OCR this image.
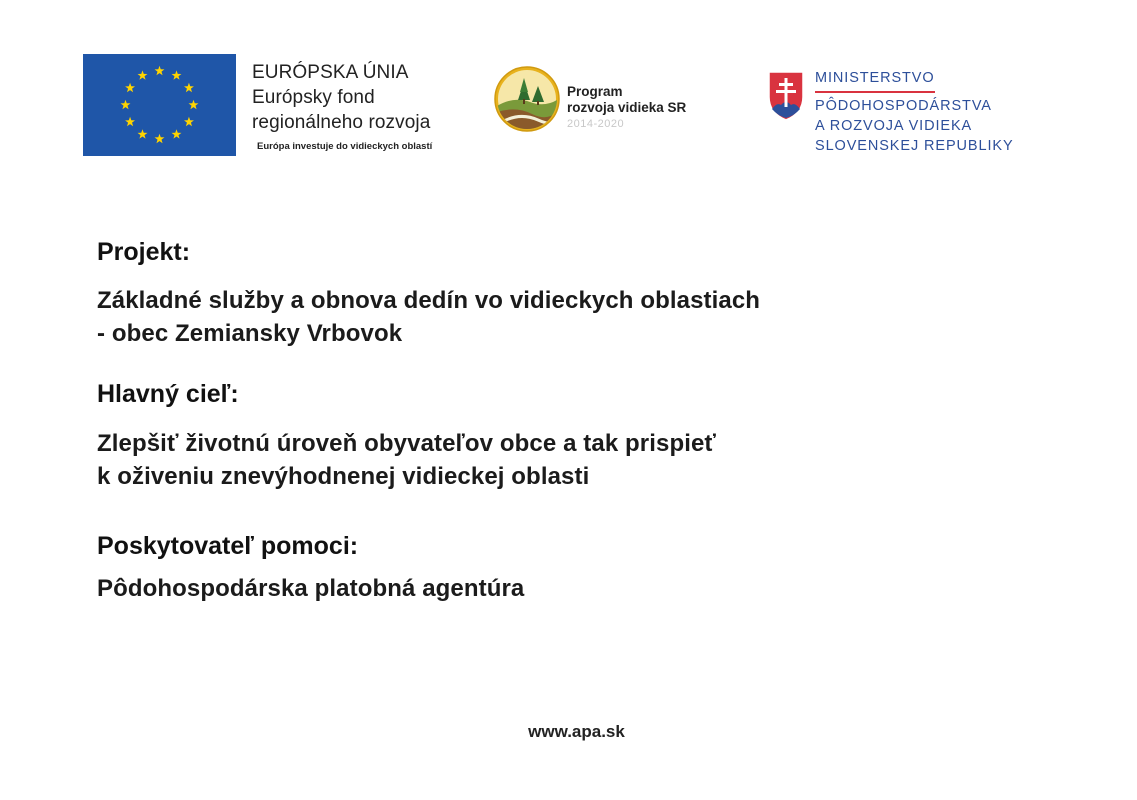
EURÓPSKA ÚNIA
Európsky fond
regionálneho rozvoja
Európa investuje do vidieckych oblastí
Program
rozvoja vidieka SR
2014-2020
MINISTERSTVO
PÔDOHOSPODÁRSTVA
A ROZVOJA VIDIEKA
SLOVENSKEJ REPUBLIKY
Projekt:
Základné služby a obnova dedín vo vidieckych oblastiach
- obec Zemiansky Vrbovok
Hlavný cieľ:
Zlepšiť životnú úroveň obyvateľov obce a tak prispieť
k oživeniu znevýhodnenej vidieckej oblasti
Poskytovateľ pomoci:
Pôdohospodárska platobná agentúra
www.apa.sk
